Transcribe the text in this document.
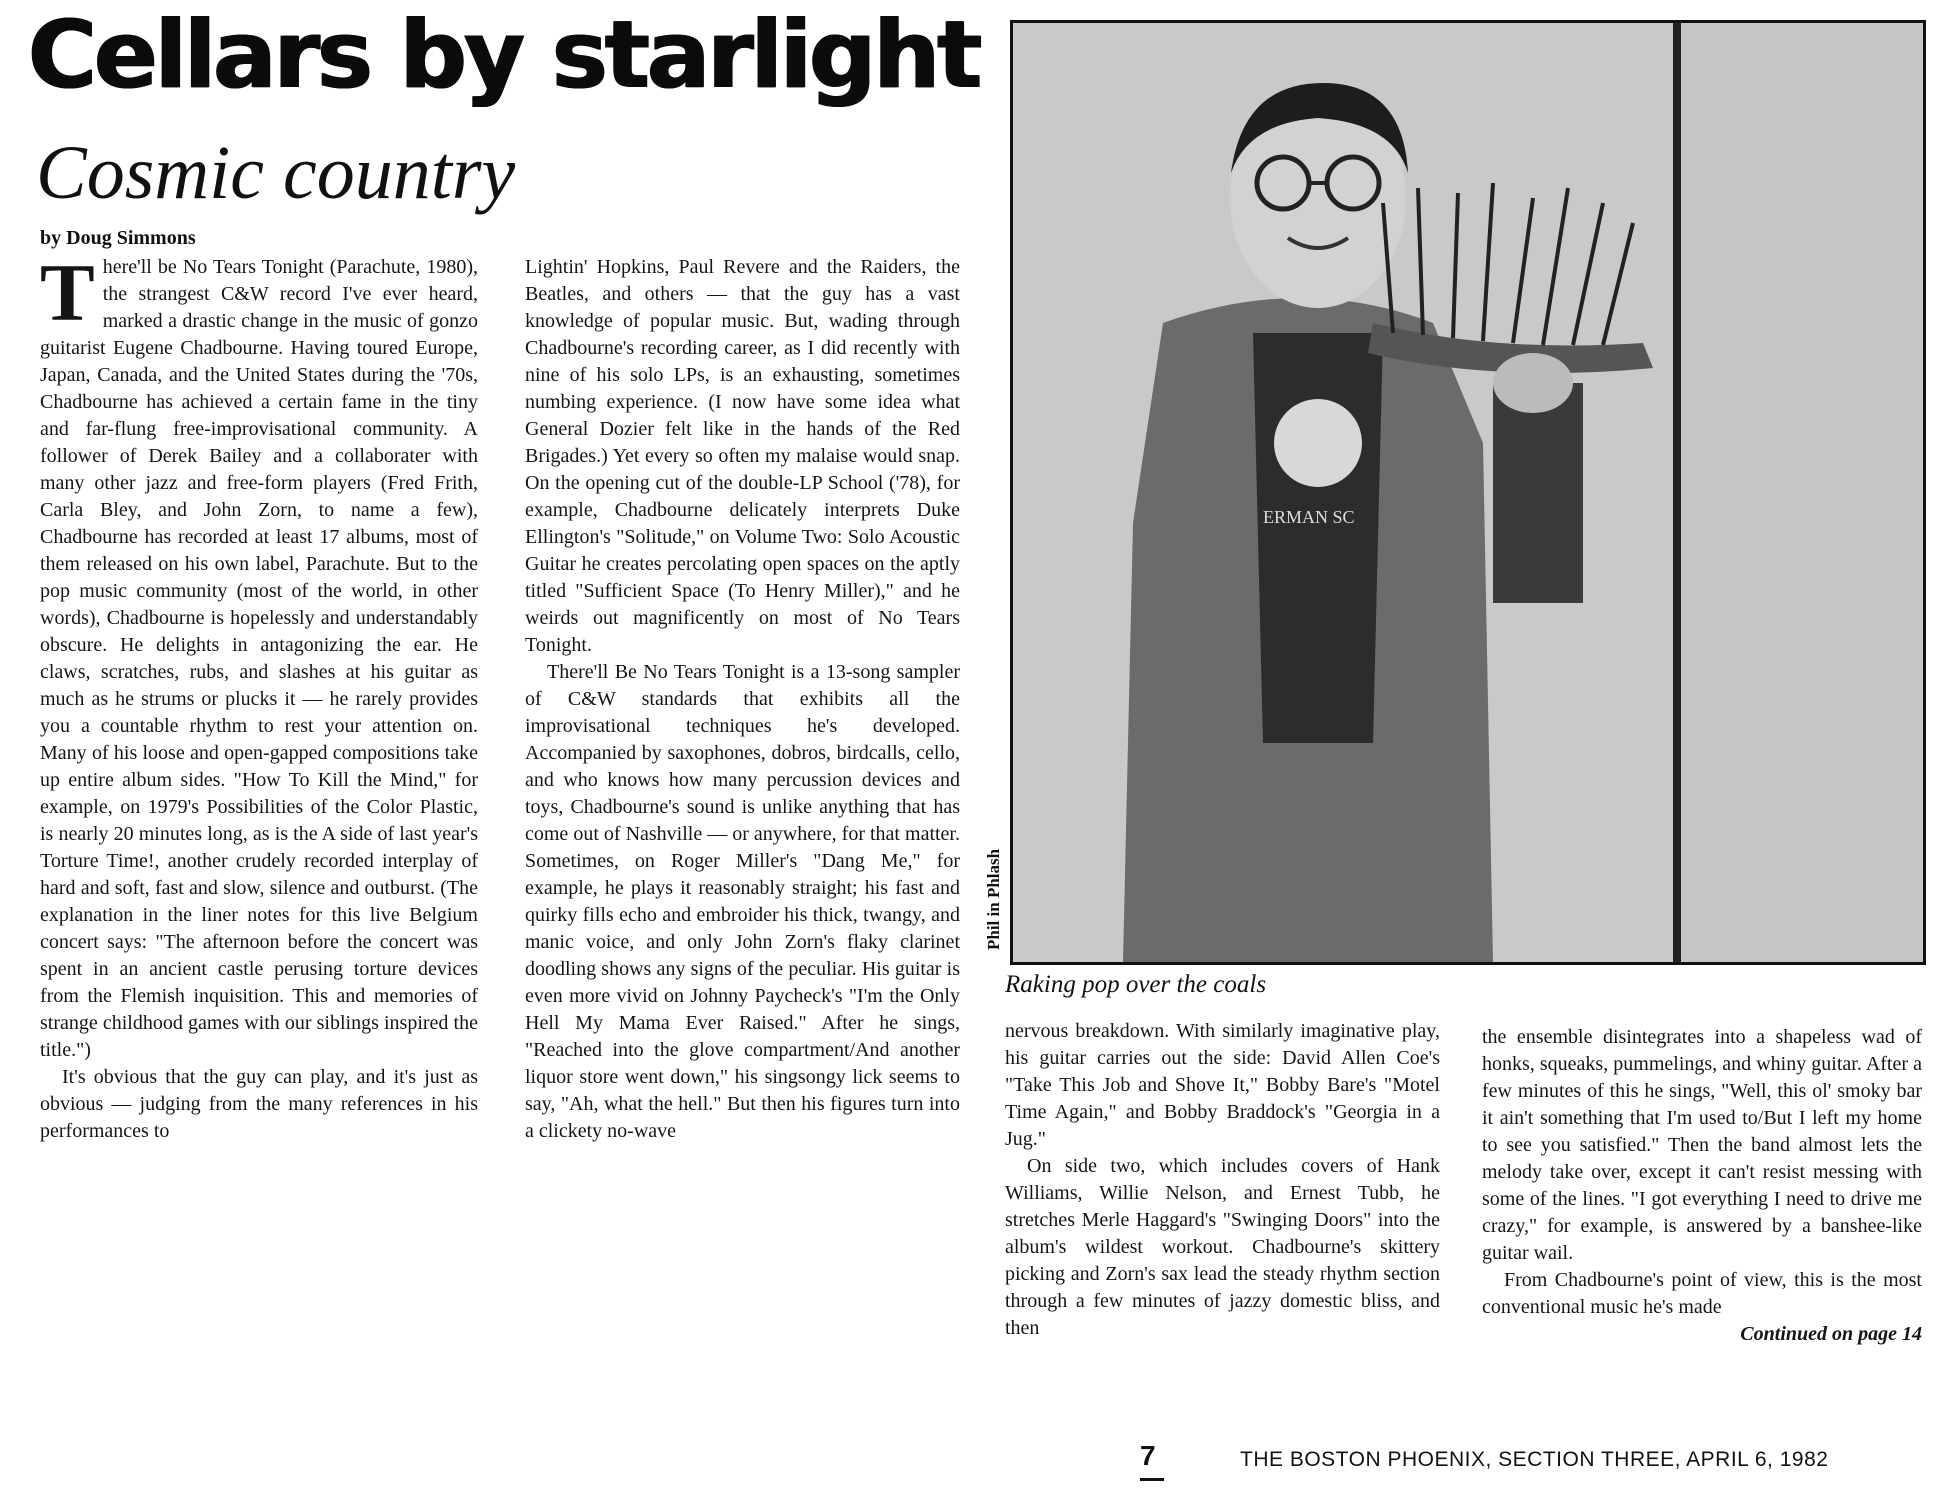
Cellars by starlight
Cosmic country
by Doug Simmons

There'll be No Tears Tonight (Parachute, 1980), the strangest C&W record I've ever heard, marked a drastic change in the music of gonzo guitarist Eugene Chadbourne. Having toured Europe, Japan, Canada, and the United States during the '70s, Chadbourne has achieved a certain fame in the tiny and far-flung free-improvisational community. A follower of Derek Bailey and a collaborater with many other jazz and free-form players (Fred Frith, Carla Bley, and John Zorn, to name a few), Chadbourne has recorded at least 17 albums, most of them released on his own label, Parachute. But to the pop music community (most of the world, in other words), Chadbourne is hopelessly and understandably obscure. He delights in antagonizing the ear. He claws, scratches, rubs, and slashes at his guitar as much as he strums or plucks it — he rarely provides you a countable rhythm to rest your attention on. Many of his loose and open-gapped compositions take up entire album sides. "How To Kill the Mind," for example, on 1979's Possibilities of the Color Plastic, is nearly 20 minutes long, as is the A side of last year's Torture Time!, another crudely recorded interplay of hard and soft, fast and slow, silence and outburst. (The explanation in the liner notes for this live Belgium concert says: "The afternoon before the concert was spent in an ancient castle perusing torture devices from the Flemish inquisition. This and memories of strange childhood games with our siblings inspired the title.")

It's obvious that the guy can play, and it's just as obvious — judging from the many references in his performances to

Lightin' Hopkins, Paul Revere and the Raiders, the Beatles, and others — that the guy has a vast knowledge of popular music. But, wading through Chadbourne's recording career, as I did recently with nine of his solo LPs, is an exhausting, sometimes numbing experience. (I now have some idea what General Dozier felt like in the hands of the Red Brigades.) Yet every so often my malaise would snap. On the opening cut of the double-LP School ('78), for example, Chadbourne delicately interprets Duke Ellington's "Solitude," on Volume Two: Solo Acoustic Guitar he creates percolating open spaces on the aptly titled "Sufficient Space (To Henry Miller)," and he weirds out magnificently on most of No Tears Tonight.

There'll Be No Tears Tonight is a 13-song sampler of C&W standards that exhibits all the improvisational techniques he's developed. Accompanied by saxophones, dobros, birdcalls, cello, and who knows how many percussion devices and toys, Chadbourne's sound is unlike anything that has come out of Nashville — or anywhere, for that matter. Sometimes, on Roger Miller's "Dang Me," for example, he plays it reasonably straight; his fast and quirky fills echo and embroider his thick, twangy, and manic voice, and only John Zorn's flaky clarinet doodling shows any signs of the peculiar. His guitar is even more vivid on Johnny Paycheck's "I'm the Only Hell My Mama Ever Raised." After he sings, "Reached into the glove compartment/And another liquor store went down," his singsongy lick seems to say, "Ah, what the hell." But then his figures turn into a clickety no-wave

ERMAN SC
Phil in Phlash
Raking pop over the coals

nervous breakdown. With similarly imaginative play, his guitar carries out the side: David Allen Coe's "Take This Job and Shove It," Bobby Bare's "Motel Time Again," and Bobby Braddock's "Georgia in a Jug."

On side two, which includes covers of Hank Williams, Willie Nelson, and Ernest Tubb, he stretches Merle Haggard's "Swinging Doors" into the album's wildest workout. Chadbourne's skittery picking and Zorn's sax lead the steady rhythm section through a few minutes of jazzy domestic bliss, and then

the ensemble disintegrates into a shapeless wad of honks, squeaks, pummelings, and whiny guitar. After a few minutes of this he sings, "Well, this ol' smoky bar it ain't something that I'm used to/But I left my home to see you satisfied." Then the band almost lets the melody take over, except it can't resist messing with some of the lines. "I got everything I need to drive me crazy," for example, is answered by a banshee-like guitar wail.

From Chadbourne's point of view, this is the most conventional music he's made

Continued on page 14

7	THE BOSTON PHOENIX, SECTION THREE, APRIL 6, 1982
